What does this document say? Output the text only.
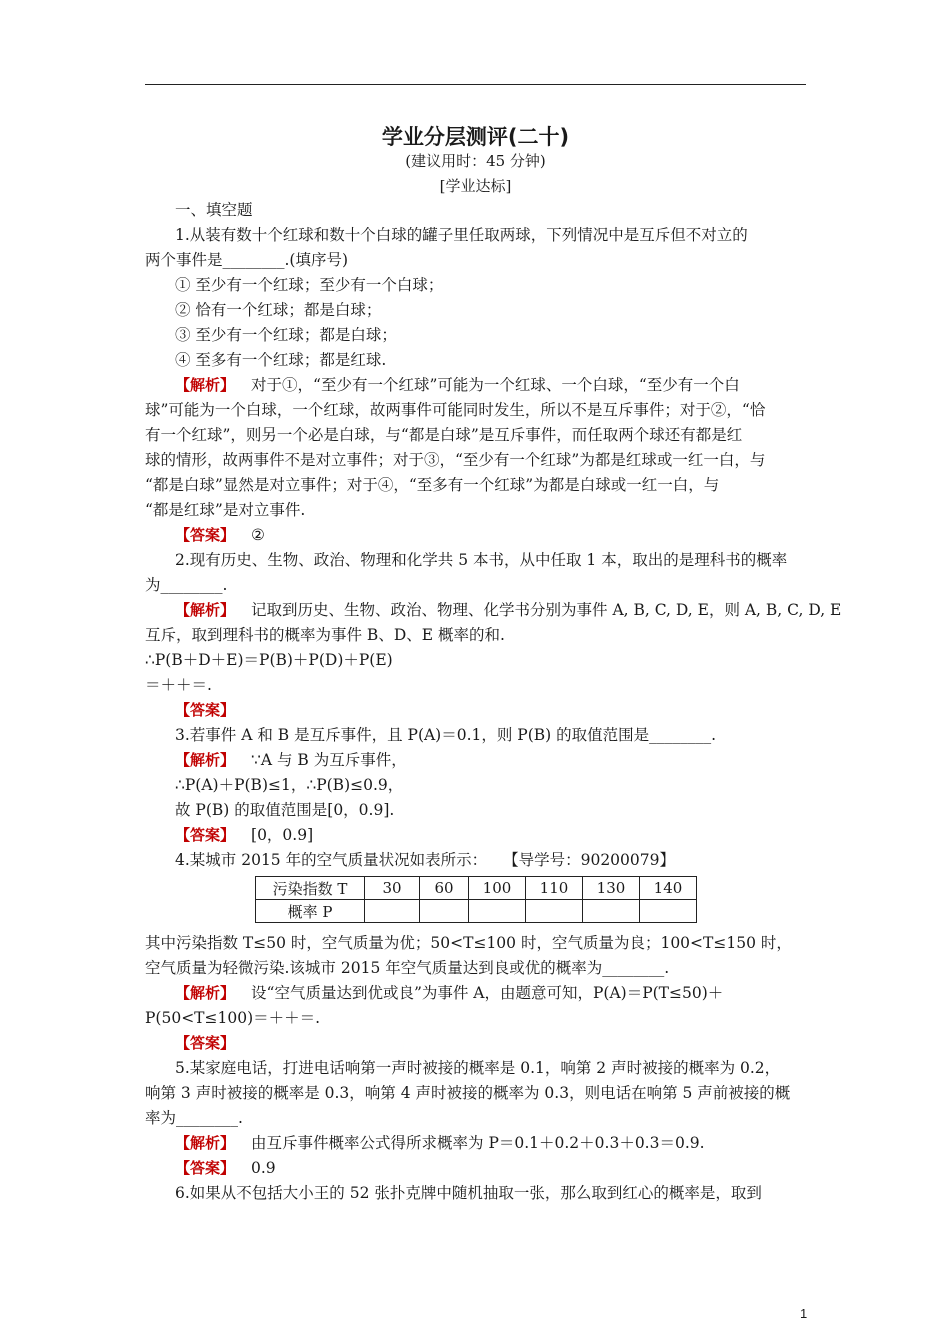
学业分层测评(二十)
(建议用时：45 分钟)
[学业达标]
一、填空题
1.从装有数十个红球和数十个白球的罐子里任取两球，下列情况中是互斥但不对立的
两个事件是________.(填序号)
① 至少有一个红球；至少有一个白球；
② 恰有一个红球；都是白球；
③ 至少有一个红球；都是白球；
④ 至多有一个红球；都是红球.
【解析】 对于①，“至少有一个红球”可能为一个红球、一个白球，“至少有一个白
球”可能为一个白球，一个红球，故两事件可能同时发生，所以不是互斥事件；对于②，“恰
有一个红球”，则另一个必是白球，与“都是白球”是互斥事件，而任取两个球还有都是红
球的情形，故两事件不是对立事件；对于③，“至少有一个红球”为都是红球或一红一白，与
“都是白球”显然是对立事件；对于④，“至多有一个红球”为都是白球或一红一白，与
“都是红球”是对立事件.
【答案】 ②
2.现有历史、生物、政治、物理和化学共 5 本书，从中任取 1 本，取出的是理科书的概率
为________.
【解析】 记取到历史、生物、政治、物理、化学书分别为事件 A, B, C, D, E，则 A, B, C, D, E
互斥，取到理科书的概率为事件 B、D、E 概率的和.
∴P(B＋D＋E)＝P(B)＋P(D)＋P(E)
＝＋＋＝.
【答案】
3.若事件 A 和 B 是互斥事件，且 P(A)＝0.1，则 P(B) 的取值范围是________.
【解析】 ∵A 与 B 为互斥事件，
∴P(A)＋P(B)≤1，∴P(B)≤0.9，
故 P(B) 的取值范围是[0，0.9].
【答案】 [0，0.9]
4.某城市 2015 年的空气质量状况如表所示： 【导学号：90200079】
污染指数 T	30	60	100	110	130	140
概率 P						
其中污染指数 T≤50 时，空气质量为优；50<T≤100 时，空气质量为良；100<T≤150 时，
空气质量为轻微污染.该城市 2015 年空气质量达到良或优的概率为________.
【解析】 设“空气质量达到优或良”为事件 A，由题意可知，P(A)＝P(T≤50)＋
P(50<T≤100)＝＋＋＝.
【答案】
5.某家庭电话，打进电话响第一声时被接的概率是 0.1，响第 2 声时被接的概率为 0.2，
响第 3 声时被接的概率是 0.3，响第 4 声时被接的概率为 0.3，则电话在响第 5 声前被接的概
率为________.
【解析】 由互斥事件概率公式得所求概率为 P＝0.1＋0.2＋0.3＋0.3＝0.9.
【答案】 0.9
6.如果从不包括大小王的 52 张扑克牌中随机抽取一张，那么取到红心的概率是，取到
1
